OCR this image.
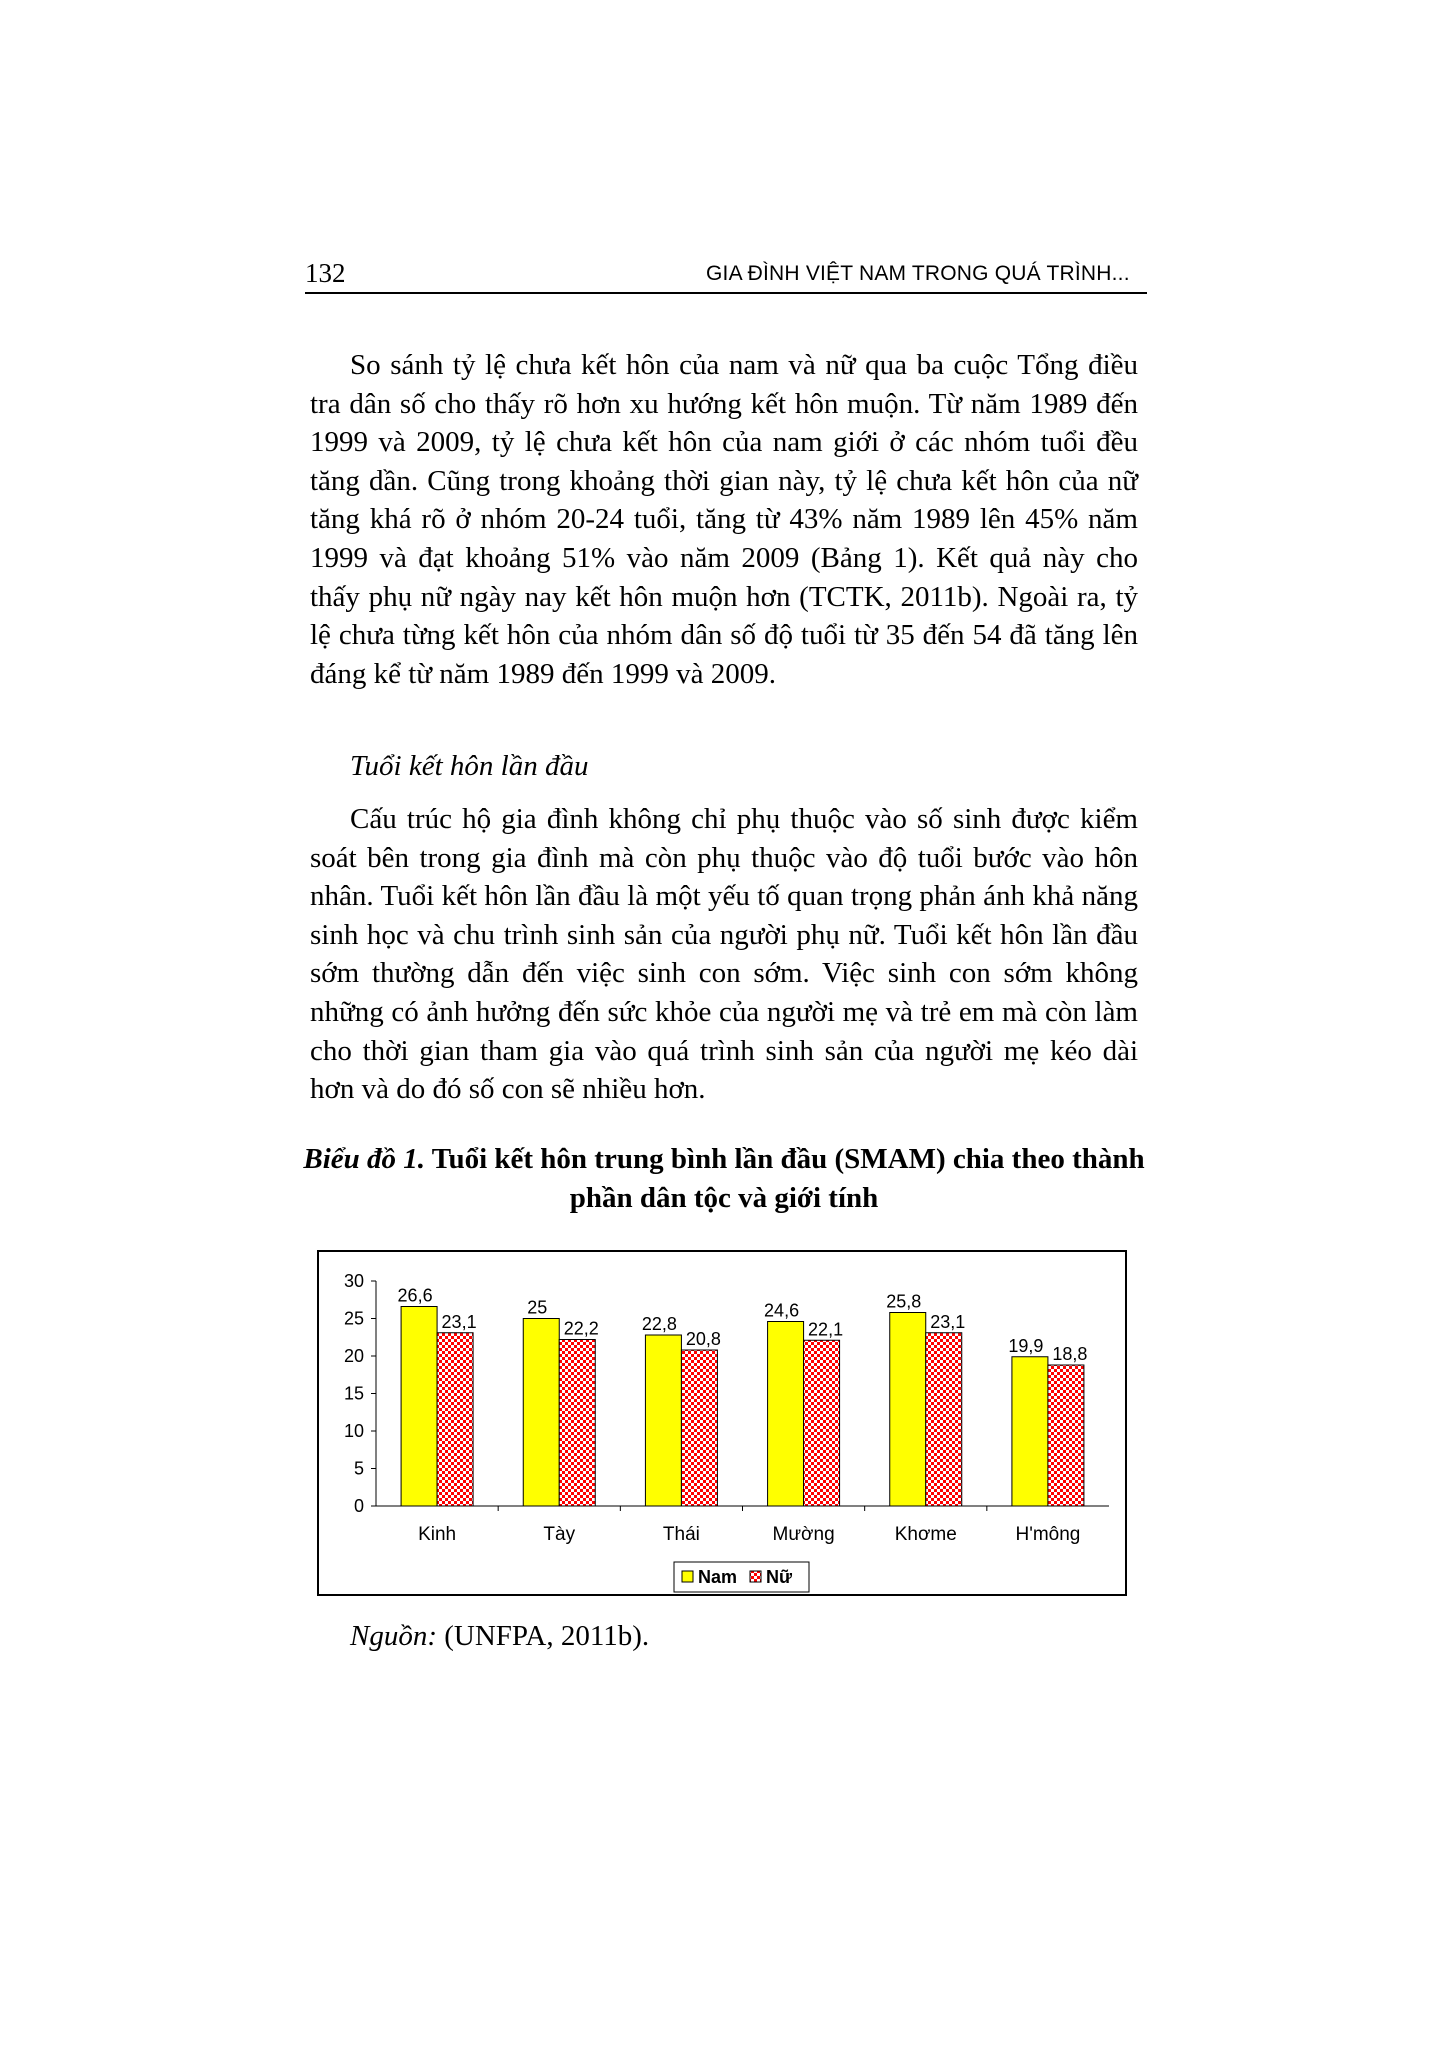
132	GIA ĐÌNH VIỆT NAM TRONG QUÁ TRÌNH...

So sánh tỷ lệ chưa kết hôn của nam và nữ qua ba cuộc Tổng điều tra dân số cho thấy rõ hơn xu hướng kết hôn muộn. Từ năm 1989 đến 1999 và 2009, tỷ lệ chưa kết hôn của nam giới ở các nhóm tuổi đều tăng dần. Cũng trong khoảng thời gian này, tỷ lệ chưa kết hôn của nữ tăng khá rõ ở nhóm 20-24 tuổi, tăng từ 43% năm 1989 lên 45% năm 1999 và đạt khoảng 51% vào năm 2009 (Bảng 1). Kết quả này cho thấy phụ nữ ngày nay kết hôn muộn hơn (TCTK, 2011b). Ngoài ra, tỷ lệ chưa từng kết hôn của nhóm dân số độ tuổi từ 35 đến 54 đã tăng lên đáng kể từ năm 1989 đến 1999 và 2009.

Tuổi kết hôn lần đầu

Cấu trúc hộ gia đình không chỉ phụ thuộc vào số sinh được kiểm soát bên trong gia đình mà còn phụ thuộc vào độ tuổi bước vào hôn nhân. Tuổi kết hôn lần đầu là một yếu tố quan trọng phản ánh khả năng sinh học và chu trình sinh sản của người phụ nữ. Tuổi kết hôn lần đầu sớm thường dẫn đến việc sinh con sớm. Việc sinh con sớm không những có ảnh hưởng đến sức khỏe của người mẹ và trẻ em mà còn làm cho thời gian tham gia vào quá trình sinh sản của người mẹ kéo dài hơn và do đó số con sẽ nhiều hơn.

Biểu đồ 1. Tuổi kết hôn trung bình lần đầu (SMAM) chia theo thành phần dân tộc và giới tính
0
5
10
15
20
25
30
26,6
23,1
Kinh
25
22,2
Tày
22,8
20,8
Thái
24,6
22,1
Mường
25,8
23,1
Khơme
19,9 18,8
H'mông
Nam Nữ
Nguồn: (UNFPA, 2011b).
